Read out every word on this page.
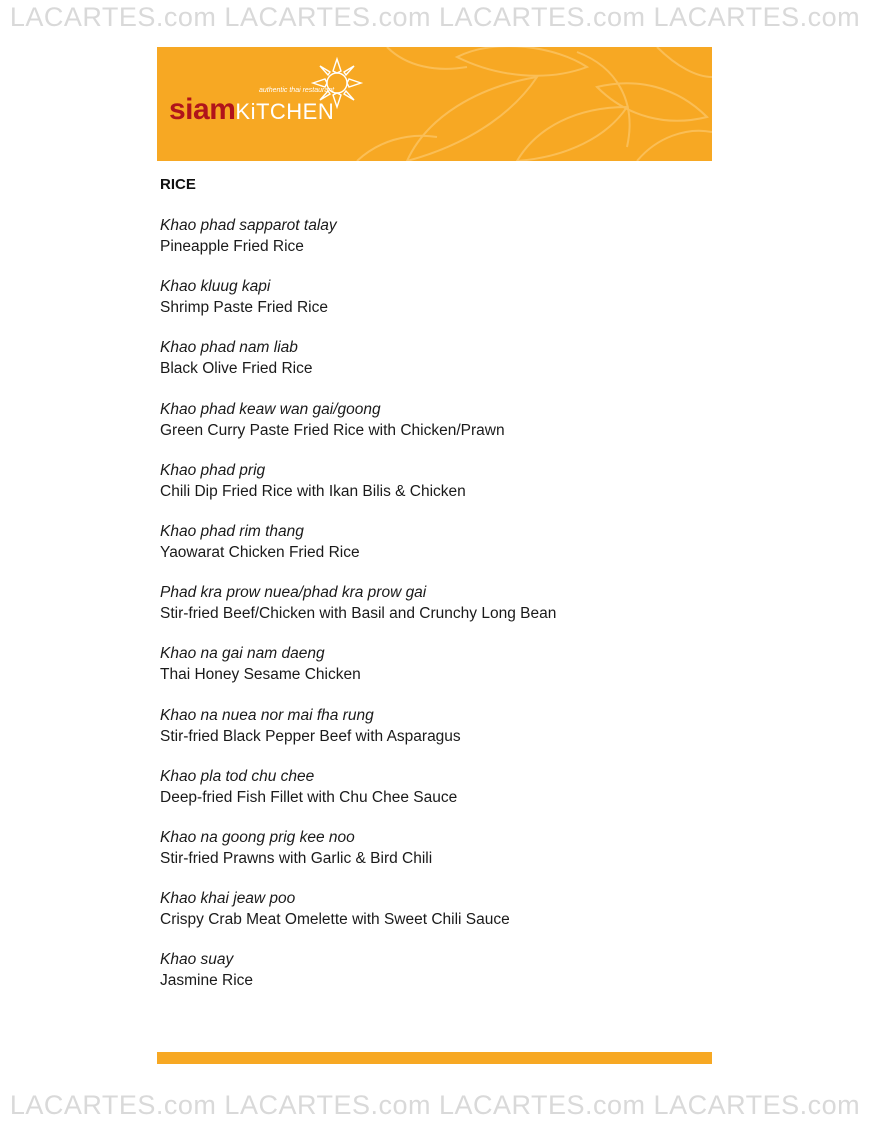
LACARTES.com LACARTES.com LACARTES.com LACARTES.com
authentic thai restaurant
siamKiTCHEN
RICE
Khao phad sapparot talay
Pineapple Fried Rice
Khao kluug kapi
Shrimp Paste Fried Rice
Khao phad nam liab
Black Olive Fried Rice
Khao phad keaw wan gai/goong
Green Curry Paste Fried Rice with Chicken/Prawn
Khao phad prig
Chili Dip Fried Rice with Ikan Bilis & Chicken
Khao phad rim thang
Yaowarat Chicken Fried Rice
Phad kra prow nuea/phad kra prow gai
Stir-fried Beef/Chicken with Basil and Crunchy Long Bean
Khao na gai nam daeng
Thai Honey Sesame Chicken
Khao na nuea nor mai fha rung
Stir-fried Black Pepper Beef with Asparagus
Khao pla tod chu chee
Deep-fried Fish Fillet with Chu Chee Sauce
Khao na goong prig kee noo
Stir-fried Prawns with Garlic & Bird Chili
Khao khai jeaw poo
Crispy Crab Meat Omelette with Sweet Chili Sauce
Khao suay
Jasmine Rice
LACARTES.com LACARTES.com LACARTES.com LACARTES.com
